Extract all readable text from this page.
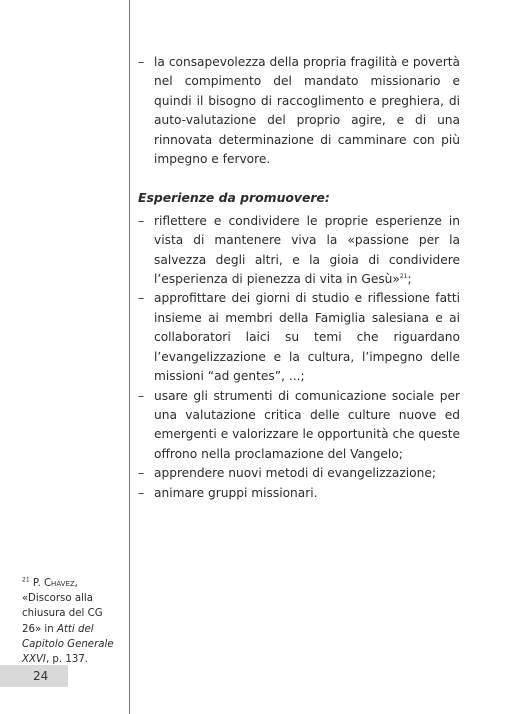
– la consapevolezza della propria fragilità e povertà nel compimento del mandato missionario e quindi il bisogno di raccoglimento e preghiera, di auto-valutazione del proprio agire, e di una rinnovata determinazione di camminare con più impegno e fervore.

Esperienze da promuovere:

– riflettere e condividere le proprie esperienze in vista di mantenere viva la «passione per la salvezza degli altri, e la gioia di condividere l’esperienza di pienezza di vita in Gesù»$^{21}$;

– approfittare dei giorni di studio e riflessione fatti insieme ai membri della Famiglia salesiana e ai collaboratori laici su temi che riguardano l’evangelizzazione e la cultura, l’impegno delle missioni “ad gentes”, ...;

– usare gli strumenti di comunicazione sociale per una valutazione critica delle culture nuove ed emergenti e valorizzare le opportunità che queste offrono nella proclamazione del Vangelo;

– apprendere nuovi metodi di evangelizzazione;

– animare gruppi missionari.

$^{21}$ P. Chávez, «Discorso alla chiusura del CG 26» in Atti del Capitolo Generale XXVI, p. 137.
24
